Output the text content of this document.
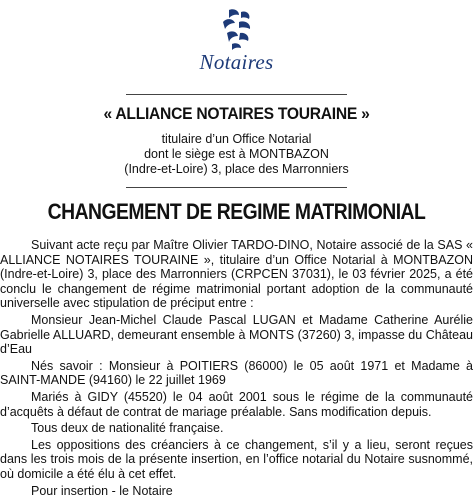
Notaires
« ALLIANCE NOTAIRES TOURAINE »
titulaire d’un Office Notarial
dont le siège est à MONTBAZON
(Indre-et-Loire) 3, place des Marronniers
CHANGEMENT DE REGIME MATRIMONIAL

Suivant acte reçu par Maître Olivier TARDO-DINO, Notaire associé de la SAS « ALLIANCE NOTAIRES TOURAINE », titulaire d’un Office Notarial à MONTBAZON (Indre-et-Loire) 3, place des Marronniers (CRPCEN 37031), le 03 février 2025, a été conclu le changement de régime matrimonial portant adoption de la communauté universelle avec stipulation de préciput entre :

Monsieur Jean-Michel Claude Pascal LUGAN et Madame Catherine Aurélie Gabrielle ALLUARD, demeurant ensemble à MONTS (37260) 3, impasse du Château d’Eau

Nés savoir : Monsieur à POITIERS (86000) le 05 août 1971 et Madame à SAINT-MANDE (94160) le 22 juillet 1969

Mariés à GIDY (45520) le 04 août 2001 sous le régime de la communauté d’acquêts à défaut de contrat de mariage préalable. Sans modification depuis.

Tous deux de nationalité française.

Les oppositions des créanciers à ce changement, s’il y a lieu, seront reçues dans les trois mois de la présente insertion, en l’office notarial du Notaire susnommé, où domicile a été élu à cet effet.

Pour insertion - le Notaire
